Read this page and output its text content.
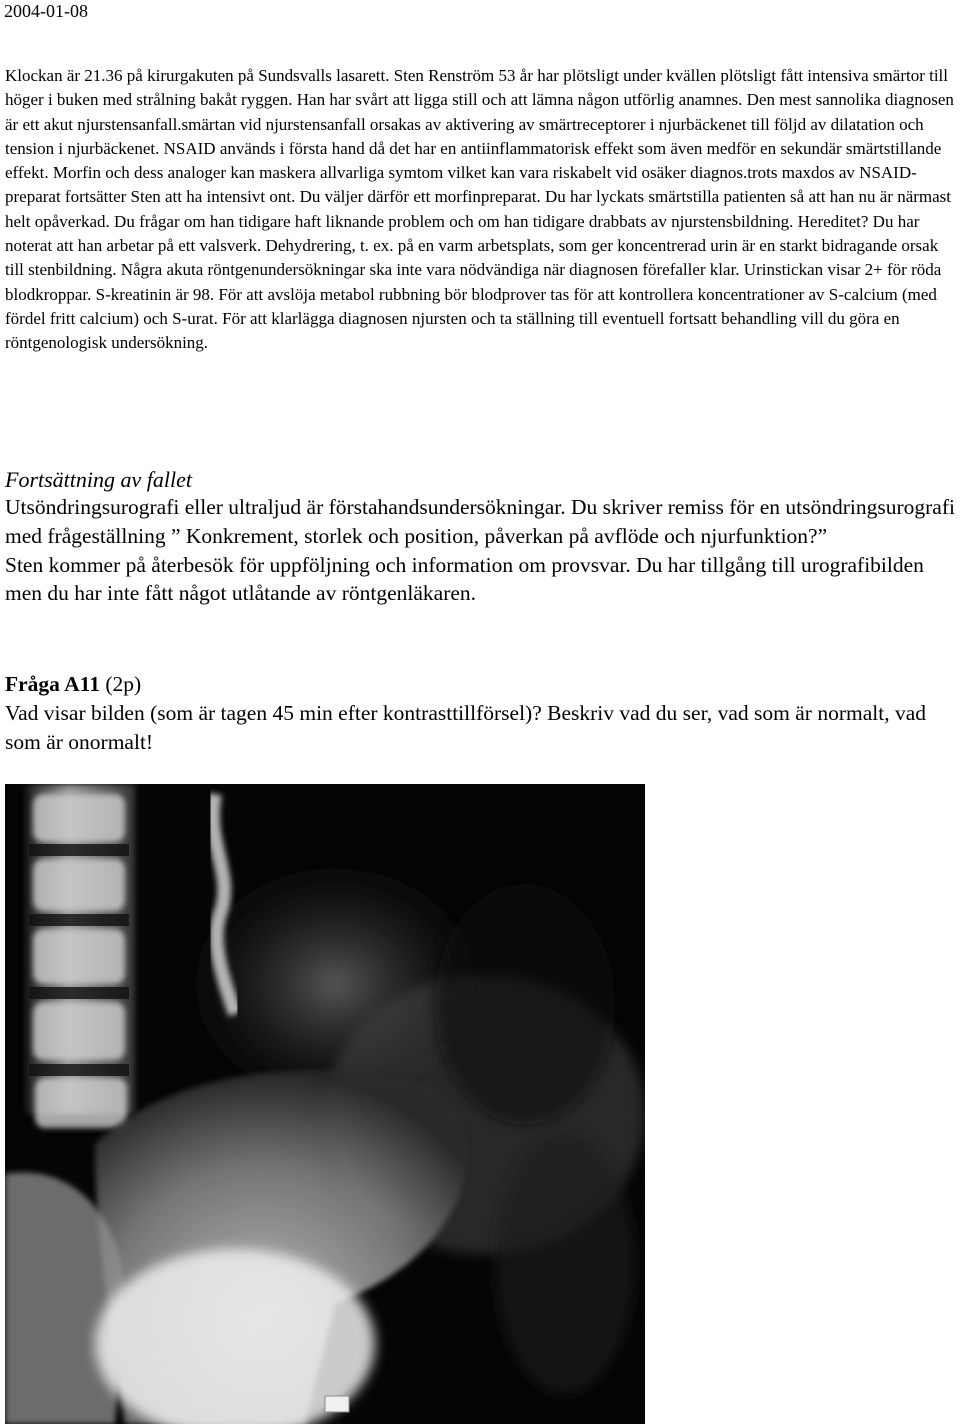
2004-01-08

Klockan är 21.36 på kirurgakuten på Sundsvalls lasarett. Sten Renström 53 år har plötsligt under kvällen plötsligt fått intensiva smärtor till höger i buken med strålning bakåt ryggen. Han har svårt att ligga still och att lämna någon utförlig anamnes. Den mest sannolika diagnosen är ett akut njurstensanfall.smärtan vid njurstensanfall orsakas av aktivering av smärtreceptorer i njurbäckenet till följd av dilatation och tension i njurbäckenet. NSAID används i första hand då det har en antiinflammatorisk effekt som även medför en sekundär smärtstillande effekt. Morfin och dess analoger kan maskera allvarliga symtom vilket kan vara riskabelt vid osäker diagnos.trots maxdos av NSAID-preparat fortsätter Sten att ha intensivt ont. Du väljer därför ett morfinpreparat. Du har lyckats smärtstilla patienten så att han nu är närmast helt opåverkad. Du frågar om han tidigare haft liknande problem och om han tidigare drabbats av njurstensbildning. Hereditet? Du har noterat att han arbetar på ett valsverk. Dehydrering, t. ex. på en varm arbetsplats, som ger koncentrerad urin är en starkt bidragande orsak till stenbildning. Några akuta röntgenundersökningar ska inte vara nödvändiga när diagnosen förefaller klar. Urinstickan visar 2+ för röda blodkroppar. S-kreatinin är 98. För att avslöja metabol rubbning bör blodprover tas för att kontrollera koncentrationer av S-calcium (med fördel fritt calcium) och S-urat. För att klarlägga diagnosen njursten och ta ställning till eventuell fortsatt behandling vill du göra en röntgenologisk undersökning.

Fortsättning av fallet
Utsöndringsurografi eller ultraljud är förstahandsundersökningar. Du skriver remiss för en utsöndringsurografi med frågeställning ” Konkrement, storlek och position, påverkan på avflöde och njurfunktion?”
Sten kommer på återbesök för uppföljning och information om provsvar. Du har tillgång till urografibilden men du har inte fått något utlåtande av röntgenläkaren.
Fråga A11 (2p)
Vad visar bilden (som är tagen 45 min efter kontrasttillförsel)? Beskriv vad du ser, vad som är normalt, vad som är onormalt!
